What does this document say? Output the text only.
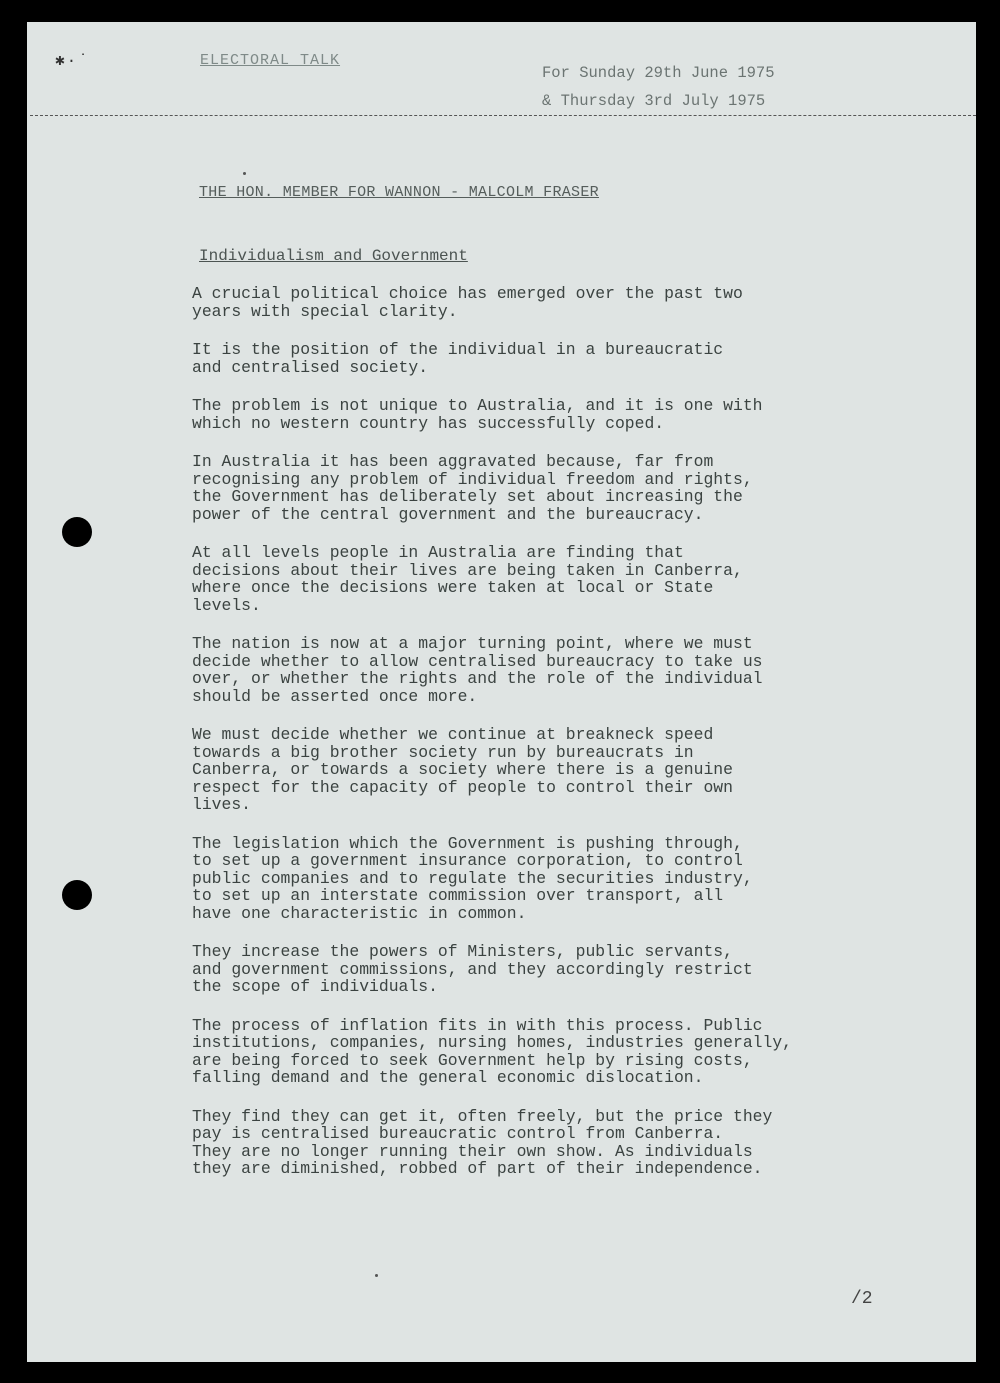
✱·˙	ELECTORAL TALK
For Sunday 29th June 1975
& Thursday 3rd July 1975
THE HON. MEMBER FOR WANNON - MALCOLM FRASER
Individualism and Government

A crucial political choice has emerged over the past two
years with special clarity.

It is the position of the individual in a bureaucratic
and centralised society.

The problem is not unique to Australia, and it is one with
which no western country has successfully coped.

In Australia it has been aggravated because, far from
recognising any problem of individual freedom and rights,
the Government has deliberately set about increasing the
power of the central government and the bureaucracy.

At all levels people in Australia are finding that
decisions about their lives are being taken in Canberra,
where once the decisions were taken at local or State
levels.

The nation is now at a major turning point, where we must
decide whether to allow centralised bureaucracy to take us
over, or whether the rights and the role of the individual
should be asserted once more.

We must decide whether we continue at breakneck speed
towards a big brother society run by bureaucrats in
Canberra, or towards a society where there is a genuine
respect for the capacity of people to control their own
lives.

The legislation which the Government is pushing through,
to set up a government insurance corporation, to control
public companies and to regulate the securities industry,
to set up an interstate commission over transport, all
have one characteristic in common.

They increase the powers of Ministers, public servants,
and government commissions, and they accordingly restrict
the scope of individuals.

The process of inflation fits in with this process. Public
institutions, companies, nursing homes, industries generally,
are being forced to seek Government help by rising costs,
falling demand and the general economic dislocation.

They find they can get it, often freely, but the price they
pay is centralised bureaucratic control from Canberra.
They are no longer running their own show. As individuals
they are diminished, robbed of part of their independence.

/2
